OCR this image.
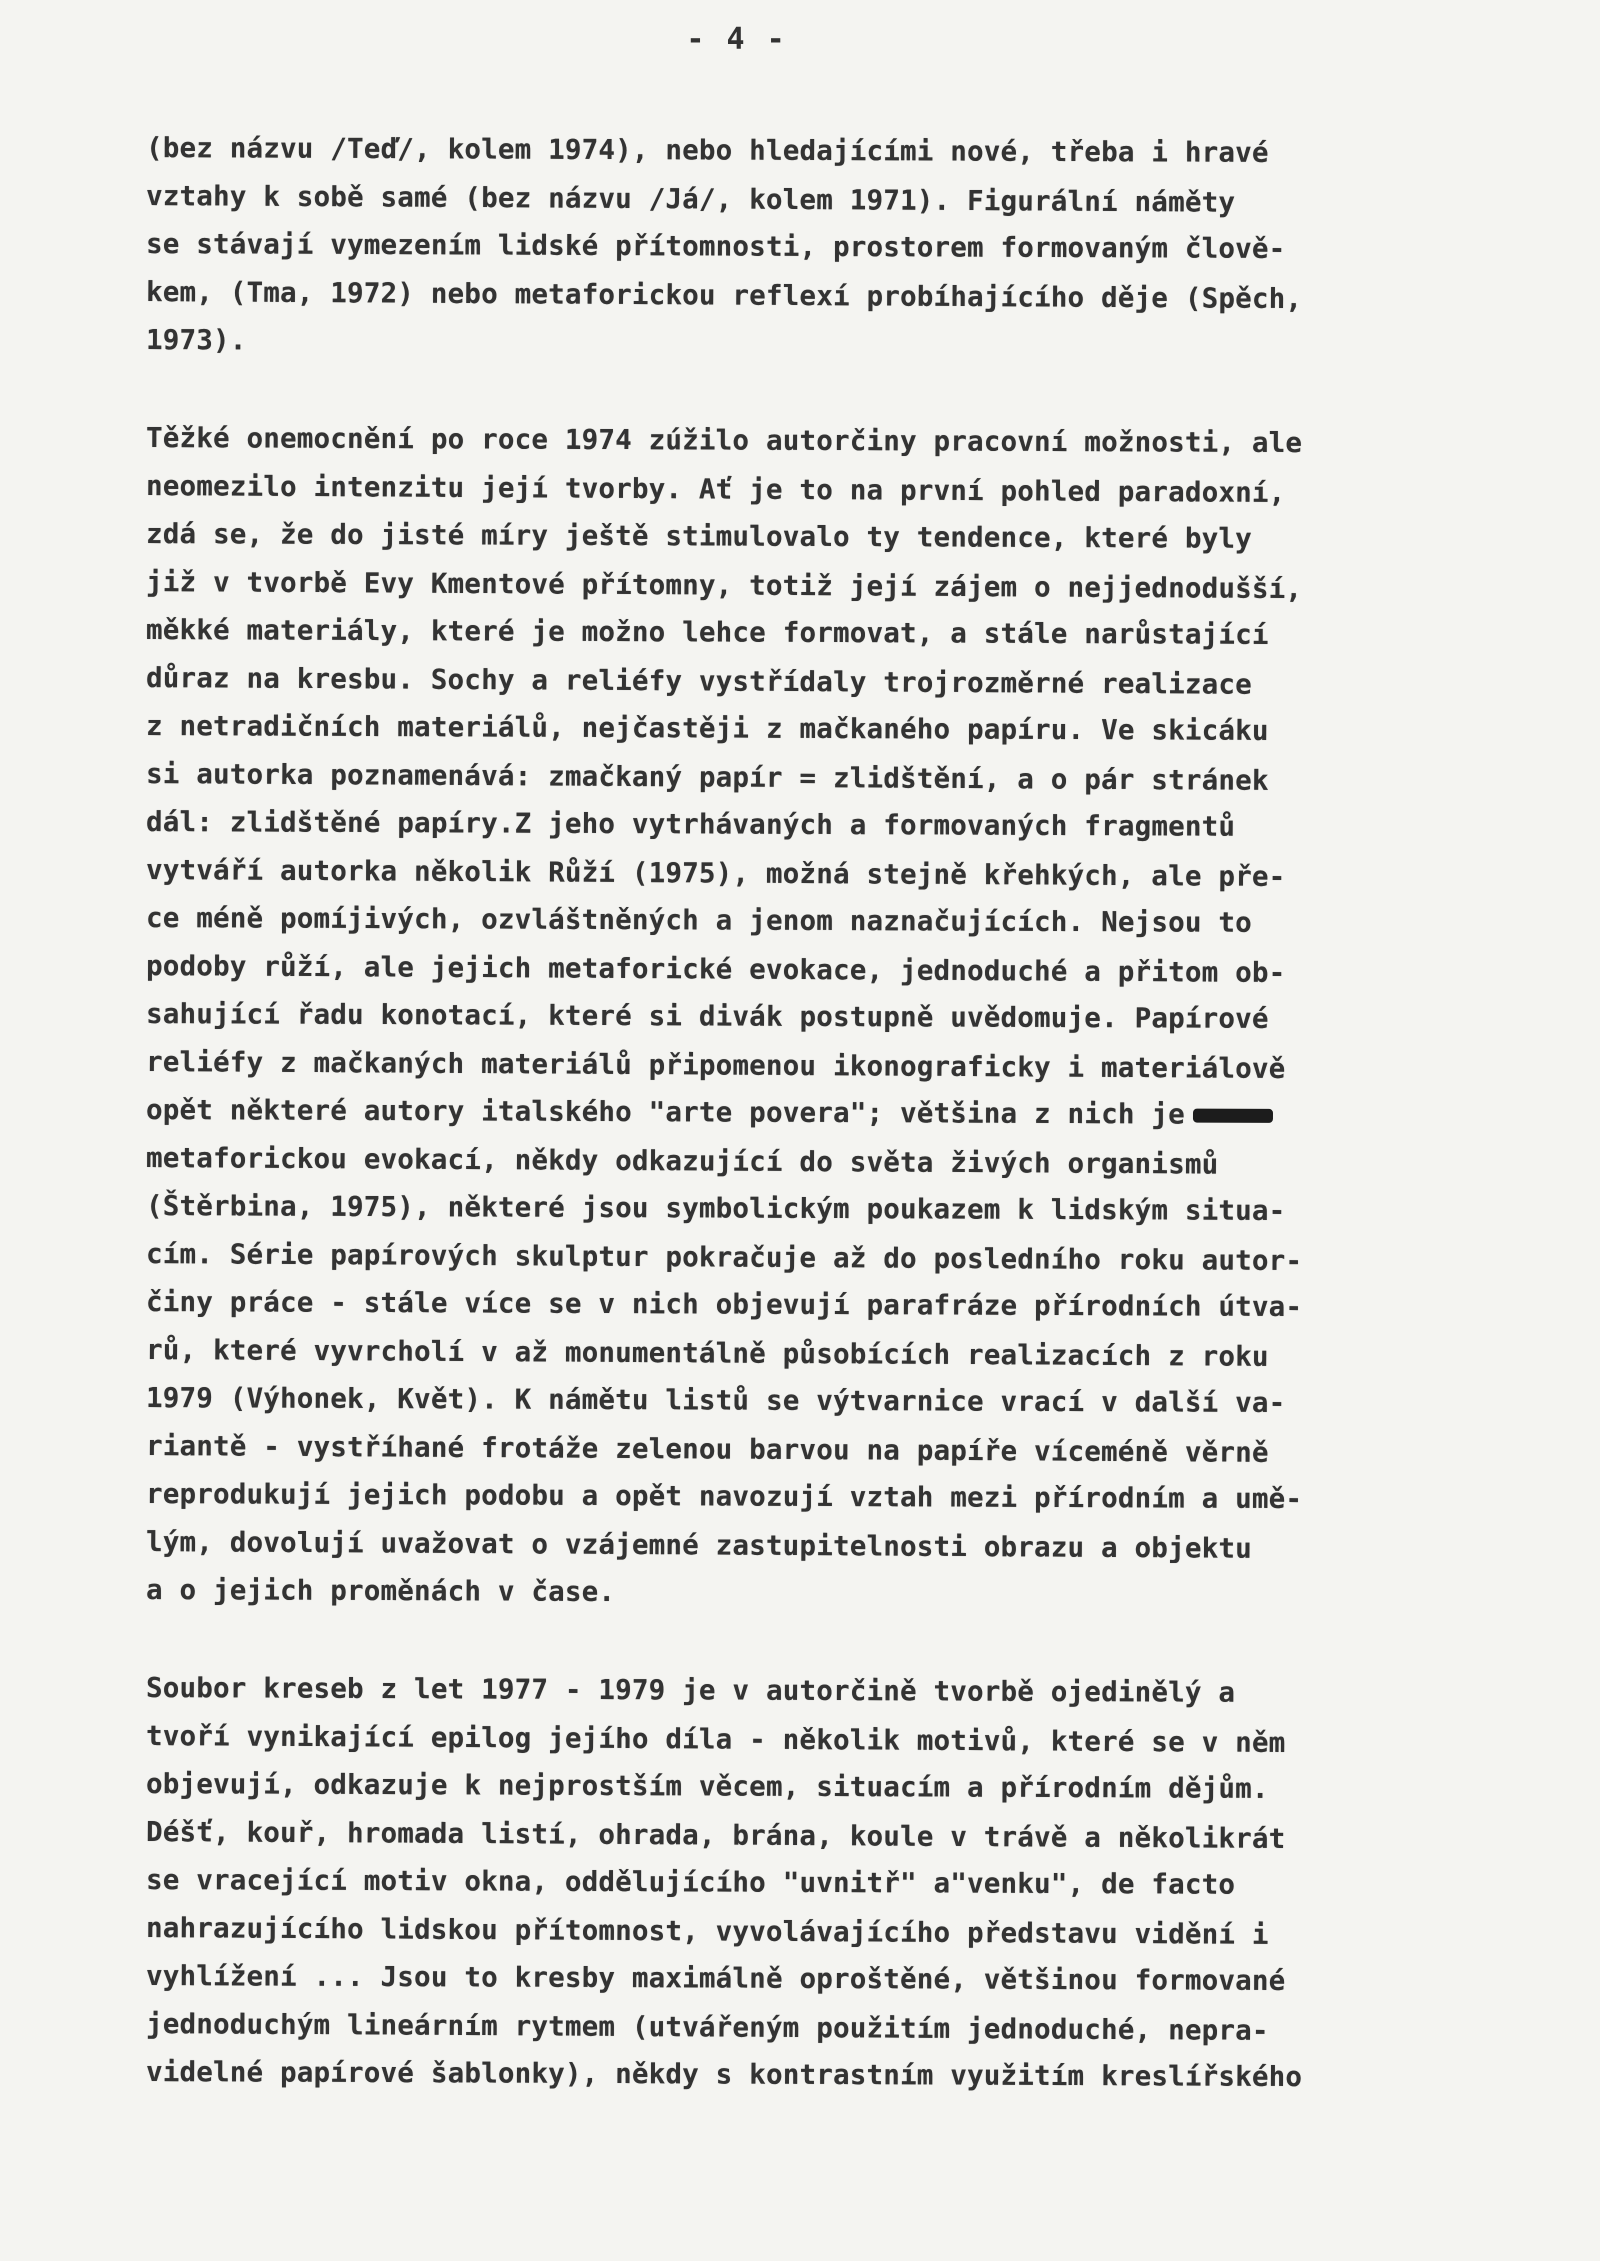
- 4 -
(bez názvu /Teď/, kolem 1974), nebo hledajícími nové, třeba i hravé
vztahy k sobě samé (bez názvu /Já/, kolem 1971). Figurální náměty
se stávají vymezením lidské přítomnosti, prostorem formovaným člově-
kem, (Tma, 1972) nebo metaforickou reflexí probíhajícího děje (Spěch,
1973).
Těžké onemocnění po roce 1974 zúžilo autorčiny pracovní možnosti, ale
neomezilo intenzitu její tvorby. Ať je to na první pohled paradoxní,
zdá se, že do jisté míry ještě stimulovalo ty tendence, které byly
již v tvorbě Evy Kmentové přítomny, totiž její zájem o nejjednodušší,
měkké materiály, které je možno lehce formovat, a stále narůstající
důraz na kresbu. Sochy a reliéfy vystřídaly trojrozměrné realizace
z netradičních materiálů, nejčastěji z mačkaného papíru. Ve skicáku
si autorka poznamenává: zmačkaný papír = zlidštění, a o pár stránek
dál: zlidštěné papíry.Z jeho vytrhávaných a formovaných fragmentů
vytváří autorka několik Růží (1975), možná stejně křehkých, ale pře-
ce méně pomíjivých, ozvláštněných a jenom naznačujících. Nejsou to
podoby růží, ale jejich metaforické evokace, jednoduché a přitom ob-
sahující řadu konotací, které si divák postupně uvědomuje. Papírové
reliéfy z mačkaných materiálů připomenou ikonograficky i materiálově
opět některé autory italského "arte povera"; většina z nich je
metaforickou evokací, někdy odkazující do světa živých organismů
(Štěrbina, 1975), některé jsou symbolickým poukazem k lidským situa-
cím. Série papírových skulptur pokračuje až do posledního roku autor-
činy práce - stále více se v nich objevují parafráze přírodních útva-
rů, které vyvrcholí v až monumentálně působících realizacích z roku
1979 (Výhonek, Květ). K námětu listů se výtvarnice vrací v další va-
riantě - vystříhané frotáže zelenou barvou na papíře víceméně věrně
reprodukují jejich podobu a opět navozují vztah mezi přírodním a umě-
lým, dovolují uvažovat o vzájemné zastupitelnosti obrazu a objektu
a o jejich proměnách v čase.
Soubor kreseb z let 1977 - 1979 je v autorčině tvorbě ojedinělý a
tvoří vynikající epilog jejího díla - několik motivů, které se v něm
objevují, odkazuje k nejprostším věcem, situacím a přírodním dějům.
Déšť, kouř, hromada listí, ohrada, brána, koule v trávě a několikrát
se vracející motiv okna, oddělujícího "uvnitř" a"venku", de facto
nahrazujícího lidskou přítomnost, vyvolávajícího představu vidění i
vyhlížení ... Jsou to kresby maximálně oproštěné, většinou formované
jednoduchým lineárním rytmem (utvářeným použitím jednoduché, nepra-
videlné papírové šablonky), někdy s kontrastním využitím kreslířského
